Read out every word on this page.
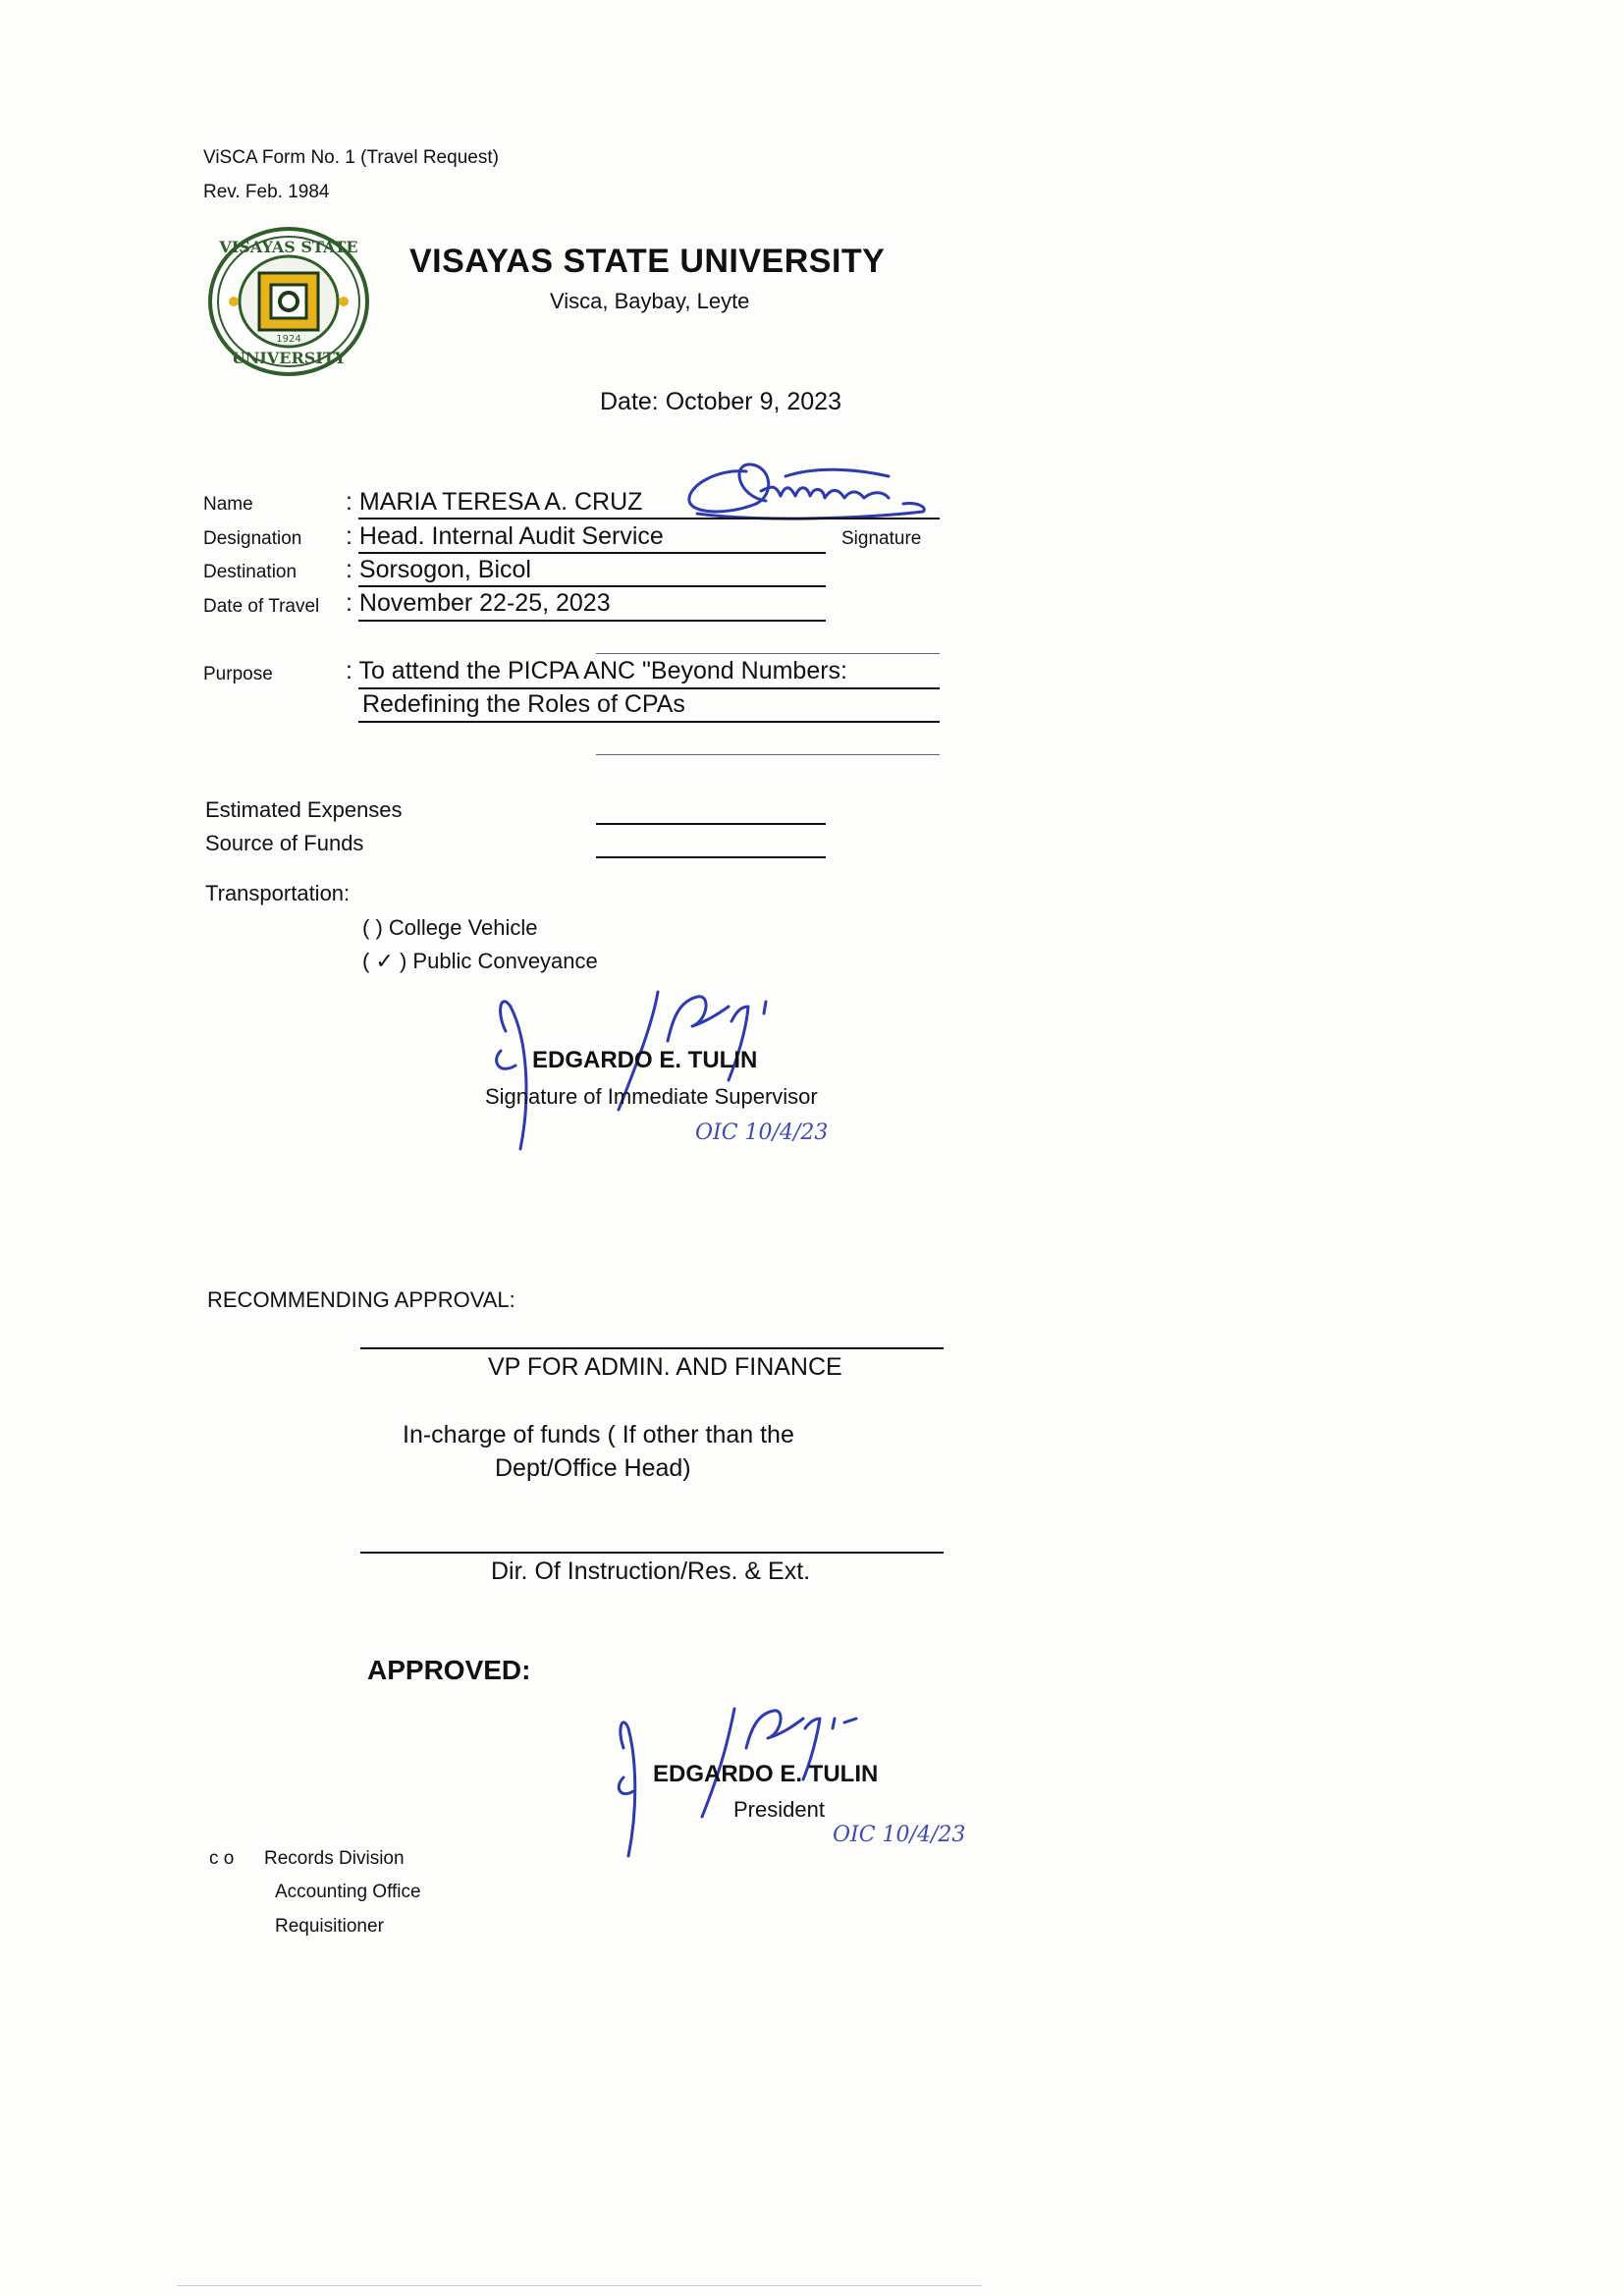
ViSCA Form No. 1 (Travel Request)
Rev. Feb. 1984
VISAYAS STATE
UNIVERSITY
1924
VISAYAS STATE UNIVERSITY
Visca, Baybay, Leyte
Date: October 9, 2023
Name	: MARIA TERESA A. CRUZ
Signature
Designation : Head. Internal Audit Service
Destination : Sorsogon, Bicol
Date of Travel : November 22-25, 2023
Purpose	: To attend the PICPA ANC "Beyond Numbers:
Redefining the Roles of CPAs
Estimated Expenses
Source of Funds
Transportation:
( ) College Vehicle
( ✓ ) Public Conveyance
OIC 10/4/23
EDGARDO E. TULIN
Signature of Immediate Supervisor
RECOMMENDING APPROVAL:
VP FOR ADMIN. AND FINANCE
In-charge of funds ( If other than the
Dept/Office Head)
Dir. Of Instruction/Res. & Ext.
APPROVED:
OIC 10/4/23
EDGARDO E. TULIN
President
c o Records Division
Accounting Office
Requisitioner
